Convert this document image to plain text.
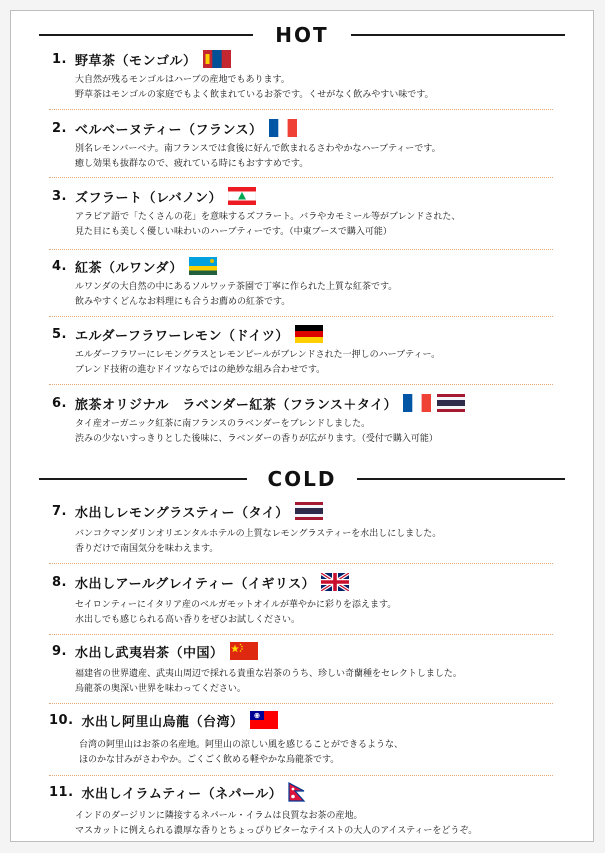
HOT
1. 野草茶（モンゴル）
大自然が残るモンゴルはハーブの産地でもあります。
野草茶はモンゴルの家庭でもよく飲まれているお茶です。くせがなく飲みやすい味です。
2. ベルベーヌティー（フランス）
別名レモンバーベナ。南フランスでは食後に好んで飲まれるさわやかなハーブティーです。
癒し効果も抜群なので、疲れている時にもおすすめです。
3. ズフラート（レバノン）
アラビア語で「たくさんの花」を意味するズフラート。バラやカモミール等がブレンドされた、
見た目にも美しく優しい味わいのハーブティーです。（中東ブースで購入可能）
4. 紅茶（ルワンダ）
ルワンダの大自然の中にあるソルワッテ茶園で丁寧に作られた上質な紅茶です。
飲みやすくどんなお料理にも合うお薦めの紅茶です。
5. エルダーフラワーレモン（ドイツ）
エルダーフラワーにレモングラスとレモンピールがブレンドされた一押しのハーブティー。
ブレンド技術の進むドイツならではの絶妙な組み合わせです。
6. 旅茶オリジナル　ラベンダー紅茶（フランス＋タイ）
タイ産オーガニック紅茶に南フランスのラベンダーをブレンドしました。
渋みの少ないすっきりとした後味に、ラベンダーの香りが広がります。（受付で購入可能）
COLD
7. 水出しレモングラスティー（タイ）
バンコクマンダリンオリエンタルホテルの上質なレモングラスティーを水出しにしました。
香りだけで南国気分を味わえます。
8. 水出しアールグレイティー（イギリス）
セイロンティーにイタリア産のベルガモットオイルが華やかに彩りを添えます。
水出しでも感じられる高い香りをぜひお試しください。
9. 水出し武夷岩茶（中国）
福建省の世界遺産、武夷山周辺で採れる貴重な岩茶のうち、珍しい奇蘭種をセレクトしました。
烏龍茶の奥深い世界を味わってください。
10. 水出し阿里山烏龍（台湾）
台湾の阿里山はお茶の名産地。阿里山の涼しい風を感じることができるような、
ほのかな甘みがさわやか。ごくごく飲める軽やかな烏龍茶です。
11. 水出しイラムティー（ネパール）
インドのダージリンに隣接するネパール・イラムは良質なお茶の産地。
マスカットに例えられる濃厚な香りとちょっぴりビターなテイストの大人のアイスティーをどうぞ。
